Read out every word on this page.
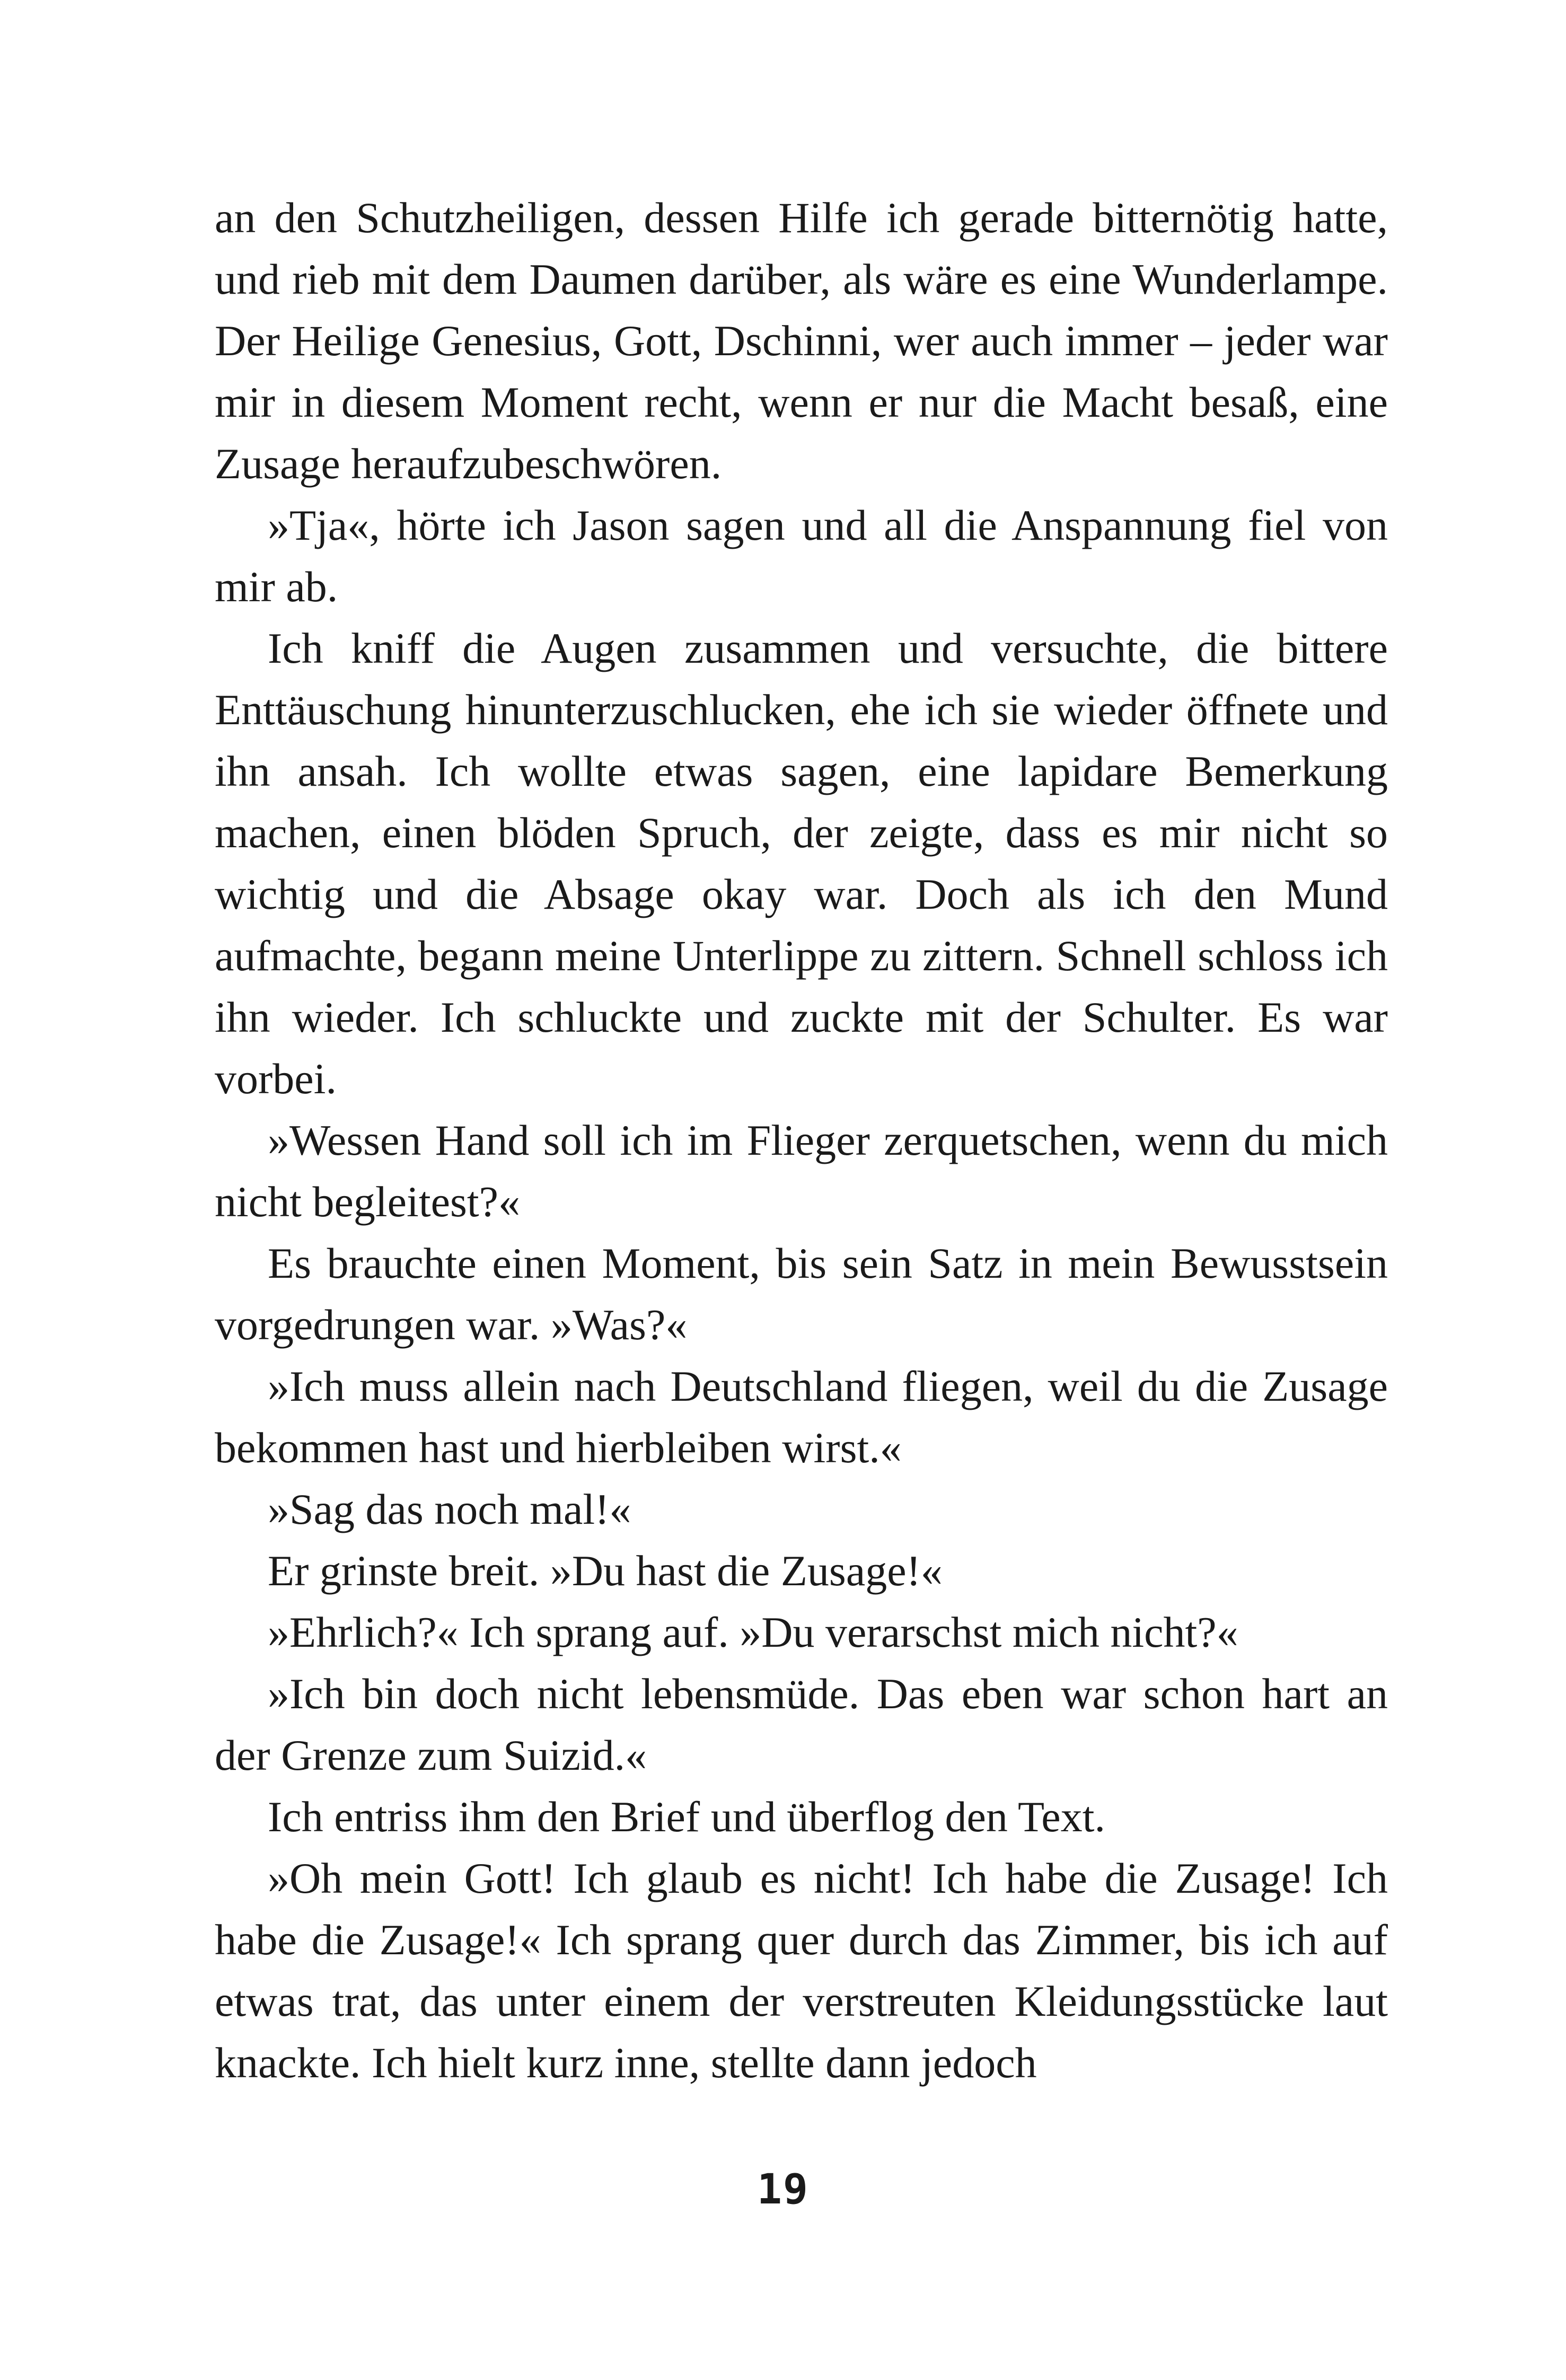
an den Schutzheiligen, dessen Hilfe ich gerade bitternötig hatte, und rieb mit dem Daumen darüber, als wäre es eine Wunderlampe. Der Heilige Genesius, Gott, Dschinni, wer auch immer – jeder war mir in diesem Moment recht, wenn er nur die Macht besaß, eine Zusage heraufzubeschwören.

»Tja«, hörte ich Jason sagen und all die Anspannung fiel von mir ab.

Ich kniff die Augen zusammen und versuchte, die bittere Enttäuschung hinunterzuschlucken, ehe ich sie wieder öffnete und ihn ansah. Ich wollte etwas sagen, eine lapidare Bemerkung machen, einen blöden Spruch, der zeigte, dass es mir nicht so wichtig und die Absage okay war. Doch als ich den Mund aufmachte, begann meine Unterlippe zu zittern. Schnell schloss ich ihn wieder. Ich schluckte und zuckte mit der Schulter. Es war vorbei.

»Wessen Hand soll ich im Flieger zerquetschen, wenn du mich nicht begleitest?«

Es brauchte einen Moment, bis sein Satz in mein Bewusstsein vorgedrungen war. »Was?«

»Ich muss allein nach Deutschland fliegen, weil du die Zusage bekommen hast und hierbleiben wirst.«

»Sag das noch mal!«

Er grinste breit. »Du hast die Zusage!«

»Ehrlich?« Ich sprang auf. »Du verarschst mich nicht?«

»Ich bin doch nicht lebensmüde. Das eben war schon hart an der Grenze zum Suizid.«

Ich entriss ihm den Brief und überflog den Text.

»Oh mein Gott! Ich glaub es nicht! Ich habe die Zusage! Ich habe die Zusage!« Ich sprang quer durch das Zimmer, bis ich auf etwas trat, das unter einem der verstreuten Kleidungsstücke laut knackte. Ich hielt kurz inne, stellte dann jedoch

19
